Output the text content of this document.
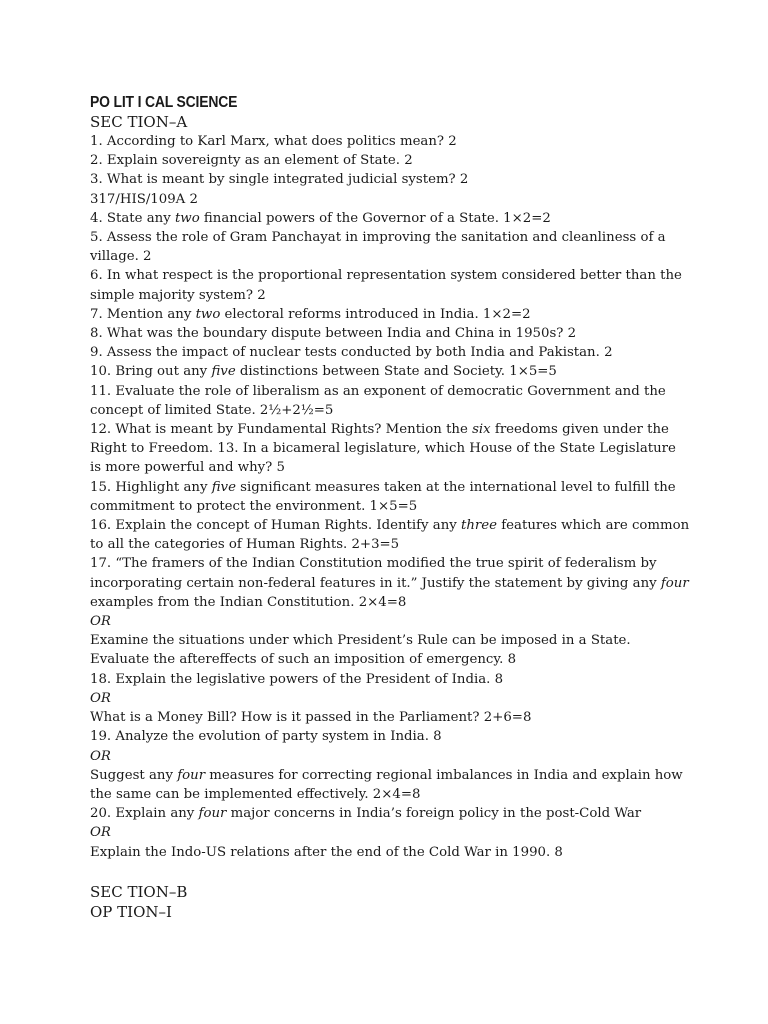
PO LIT I CAL SCIENCE

SEC TION–A

1. According to Karl Marx, what does politics mean? 2

2. Explain sovereignty as an element of State. 2

3. What is meant by single integrated judicial system? 2

317/HIS/109A 2

4. State any two financial powers of the Governor of a State. 1×2=2

5. Assess the role of Gram Panchayat in improving the sanitation and cleanliness of a village. 2

6. In what respect is the proportional representation system considered better than the simple majority system? 2

7. Mention any two electoral reforms introduced in India. 1×2=2

8. What was the boundary dispute between India and China in 1950s? 2

9. Assess the impact of nuclear tests conducted by both India and Pakistan. 2

10. Bring out any five distinctions between State and Society. 1×5=5

11. Evaluate the role of liberalism as an exponent of democratic Government and the concept of limited State. 2½+2½=5

12. What is meant by Fundamental Rights? Mention the six freedoms given under the Right to Freedom. 13. In a bicameral legislature, which House of the State Legislature is more powerful and why? 5

15. Highlight any five significant measures taken at the international level to fulfill the commitment to protect the environment. 1×5=5

16. Explain the concept of Human Rights. Identify any three features which are common to all the categories of Human Rights. 2+3=5

17. “The framers of the Indian Constitution modified the true spirit of federalism by incorporating certain non-federal features in it.” Justify the statement by giving any four examples from the Indian Constitution. 2×4=8

OR

Examine the situations under which President’s Rule can be imposed in a State. Evaluate the aftereffects of such an imposition of emergency. 8

18. Explain the legislative powers of the President of India. 8

OR

What is a Money Bill? How is it passed in the Parliament? 2+6=8

19. Analyze the evolution of party system in India. 8

OR

Suggest any four measures for correcting regional imbalances in India and explain how the same can be implemented effectively. 2×4=8

20. Explain any four major concerns in India’s foreign policy in the post-Cold War

OR

Explain the Indo-US relations after the end of the Cold War in 1990. 8

SEC TION–B

OP TION–I
